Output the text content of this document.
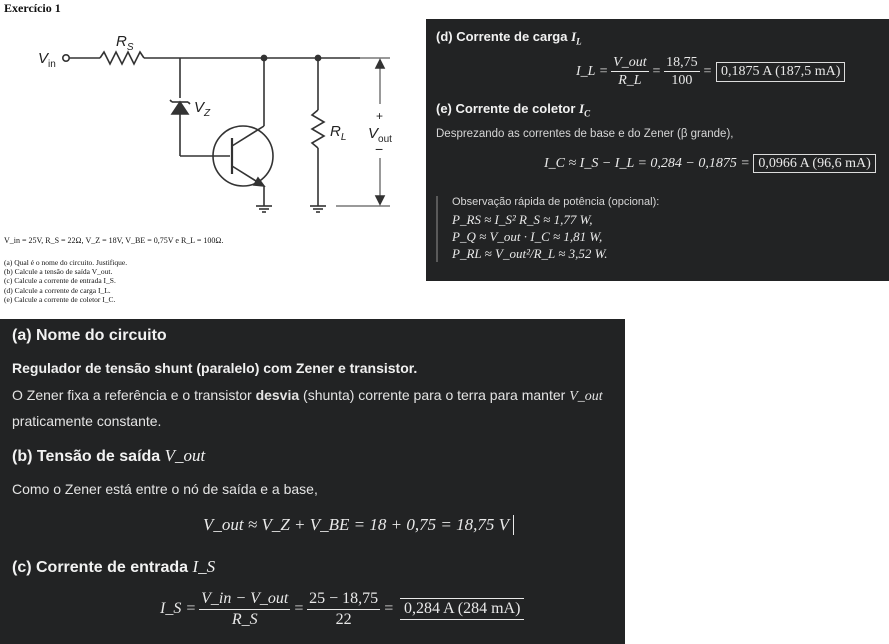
Exercício 1
$V_{in}$
$R_S$
$V_Z$
$R_L$
+
$V_{out}$
−
V_in = 25V, R_S = 22Ω, V_Z = 18V, V_BE = 0,75V e R_L = 100Ω.
(a) Qual é o nome do circuito. Justifique.
(b) Calcule a tensão de saída V_out.
(c) Calcule a corrente de entrada I_S.
(d) Calcule a corrente de carga I_L.
(e) Calcule a corrente de coletor I_C.
(d) Corrente de carga $I_L$
I_L = $\frac{\text{V\_out}}{R\_L} = \frac{18,75}{100} = 0,1875$ A (187,5 mA)
(e) Corrente de coletor $I_C$
Desprezando as correntes de base e do Zener (β grande),
I_C ≈ I_S − I_L = 0,284 − 0,1875 = 0,0966 A (96,6 mA)
Observação rápida de potência (opcional):
P_RS ≈ I_S² R_S ≈ 1,77 W,
P_Q ≈ V_out · I_C ≈ 1,81 W,
P_RL ≈ V_out²/R_L ≈ 3,52 W.
(a) Nome do circuito
Regulador de tensão shunt (paralelo) com Zener e transistor.
O Zener fixa a referência e o transistor desvia (shunta) corrente para o terra para manter V_out
praticamente constante.
(b) Tensão de saída V_out
Como o Zener está entre o nó de saída e a base,
V_out ≈ V_Z + V_BE = 18 + 0,75 = 18,75 V
(c) Corrente de entrada I_S
I_S = $\frac{\text{V\_in − V\_out}}{R\_S} = \frac{25 - 18,75}{22} = 0,284$ A (284 mA)
